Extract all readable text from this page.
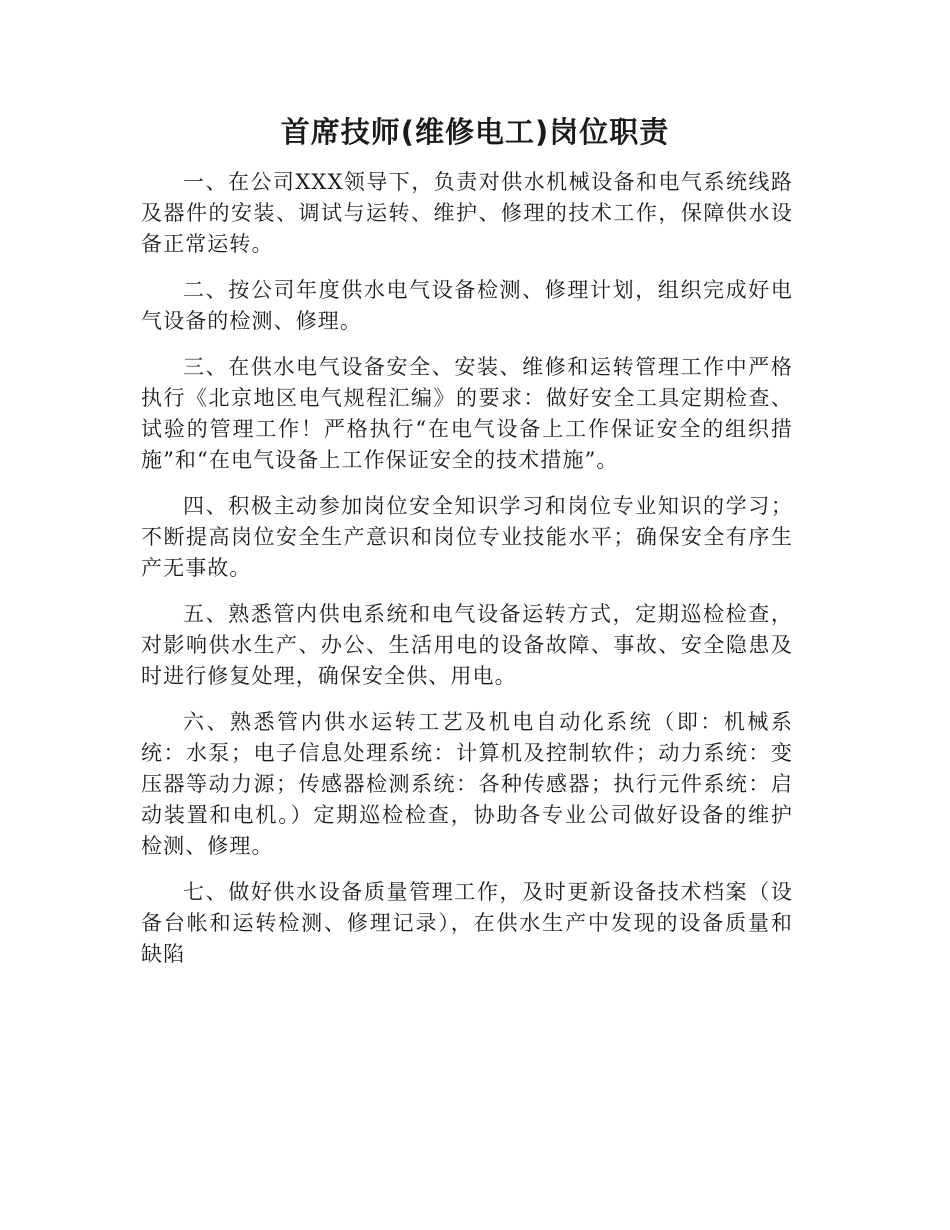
首席技师(维修电工)岗位职责

一、在公司XXX领导下，负责对供水机械设备和电气系统线路及器件的安装、调试与运转、维护、修理的技术工作，保障供水设备正常运转。

二、按公司年度供水电气设备检测、修理计划，组织完成好电气设备的检测、修理。

三、在供水电气设备安全、安装、维修和运转管理工作中严格执行《北京地区电气规程汇编》的要求：做好安全工具定期检查、试验的管理工作！严格执行“在电气设备上工作保证安全的组织措施”和“在电气设备上工作保证安全的技术措施”。

四、积极主动参加岗位安全知识学习和岗位专业知识的学习；不断提高岗位安全生产意识和岗位专业技能水平；确保安全有序生产无事故。

五、熟悉管内供电系统和电气设备运转方式，定期巡检检查，对影响供水生产、办公、生活用电的设备故障、事故、安全隐患及时进行修复处理，确保安全供、用电。

六、熟悉管内供水运转工艺及机电自动化系统（即：机械系统：水泵；电子信息处理系统：计算机及控制软件；动力系统：变压器等动力源；传感器检测系统：各种传感器；执行元件系统：启动装置和电机。）定期巡检检查，协助各专业公司做好设备的维护检测、修理。

七、做好供水设备质量管理工作，及时更新设备技术档案（设备台帐和运转检测、修理记录），在供水生产中发现的设备质量和缺陷
